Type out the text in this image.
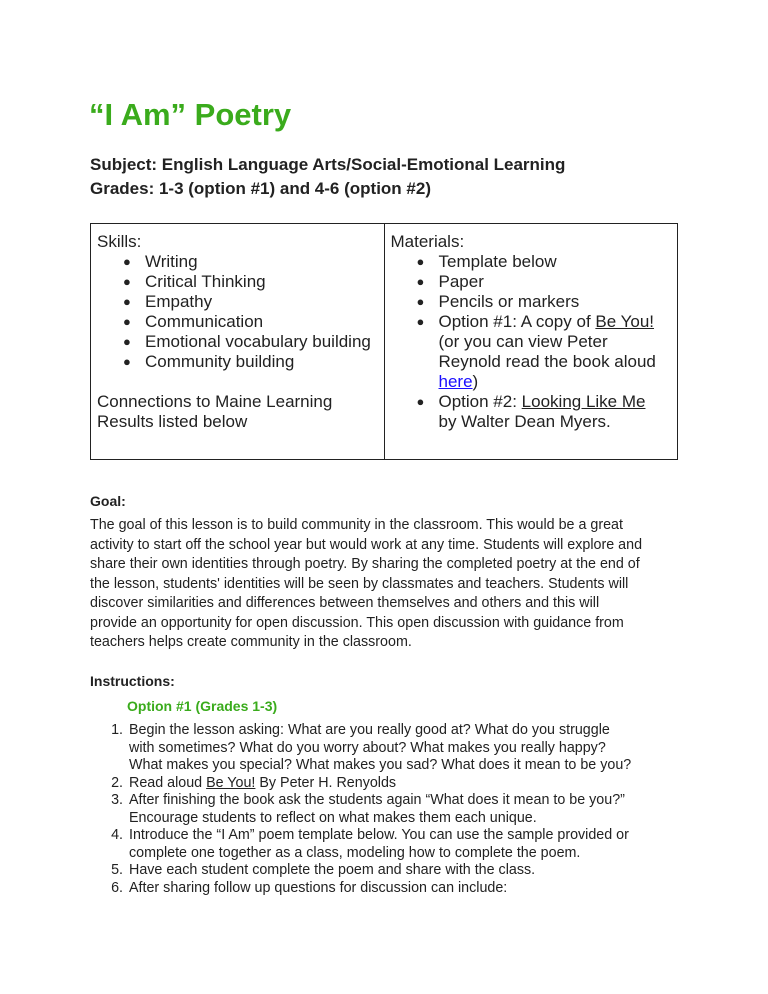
“I Am” Poetry
Subject: English Language Arts/Social-Emotional Learning
Grades: 1-3 (option #1) and 4-6 (option #2)
Skills:
● Writing
● Critical Thinking
● Empathy
● Communication
● Emotional vocabulary building
● Community building
Connections to Maine Learning Results listed below
Materials:
● Template below
● Paper
● Pencils or markers
● Option #1: A copy of Be You! (or you can view Peter Reynold read the book aloud here)
● Option #2: Looking Like Me by Walter Dean Myers.
Goal:
The goal of this lesson is to build community in the classroom. This would be a great
activity to start off the school year but would work at any time. Students will explore and
share their own identities through poetry. By sharing the completed poetry at the end of
the lesson, students' identities will be seen by classmates and teachers. Students will
discover similarities and differences between themselves and others and this will
provide an opportunity for open discussion. This open discussion with guidance from
teachers helps create community in the classroom.
Instructions:
Option #1 (Grades 1-3)
1. Begin the lesson asking: What are you really good at? What do you struggle
with sometimes? What do you worry about? What makes you really happy?
What makes you special? What makes you sad? What does it mean to be you?
2. Read aloud Be You! By Peter H. Renyolds
3. After finishing the book ask the students again “What does it mean to be you?”
Encourage students to reflect on what makes them each unique.
4. Introduce the “I Am” poem template below. You can use the sample provided or
complete one together as a class, modeling how to complete the poem.
5. Have each student complete the poem and share with the class.
6. After sharing follow up questions for discussion can include:
